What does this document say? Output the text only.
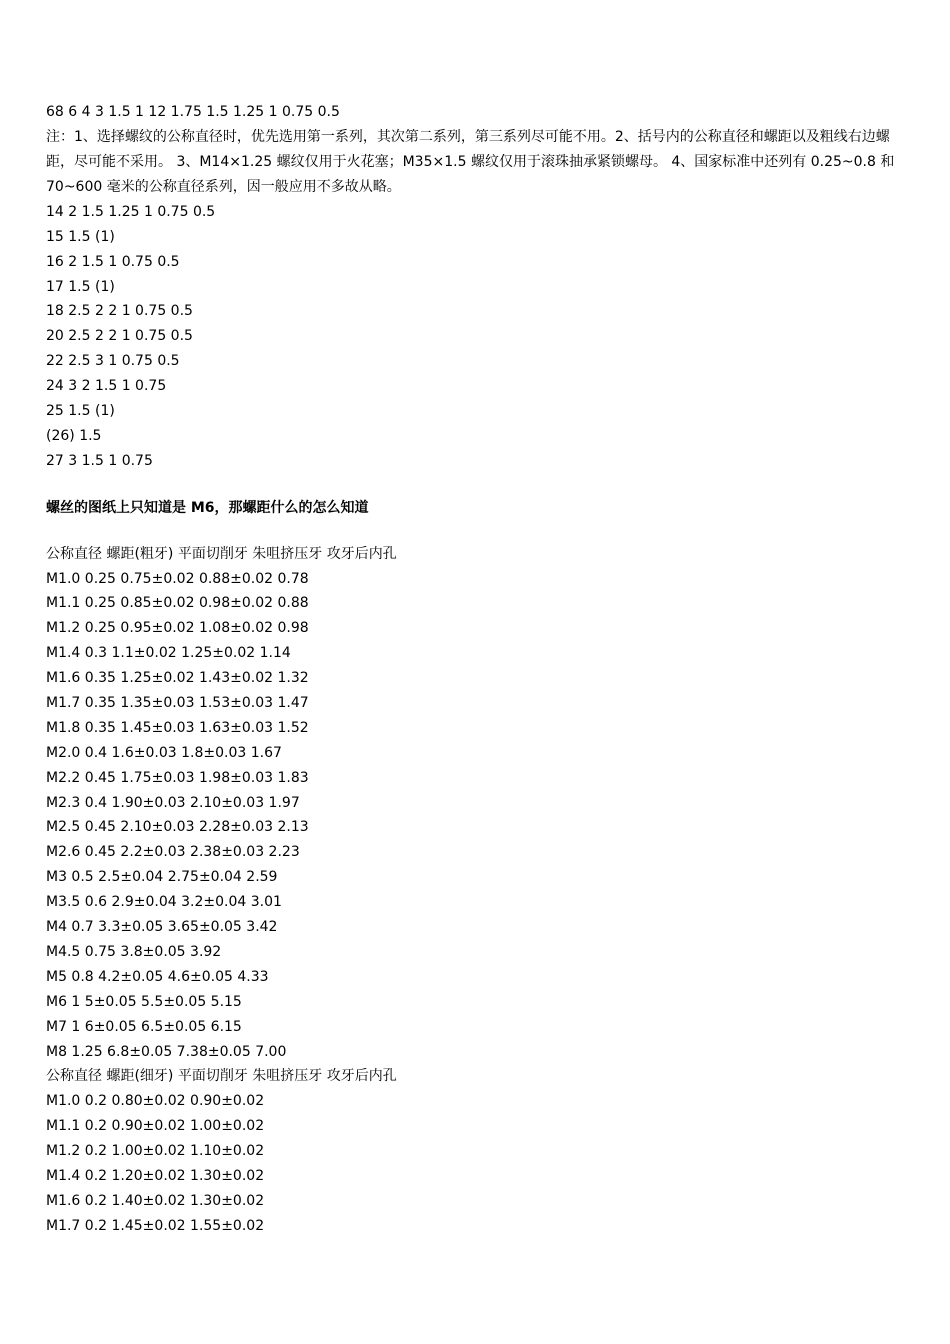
68 6 4 3 1.5 1 12 1.75 1.5 1.25 1 0.75 0.5
注：1、选择螺纹的公称直径时，优先选用第一系列，其次第二系列，第三系列尽可能不用。2、括号内的公称直径和螺距以及粗线右边螺距，尽可能不采用。 3、M14×1.25 螺纹仅用于火花塞；M35×1.5 螺纹仅用于滚珠抽承紧锁螺母。 4、国家标准中还列有 0.25~0.8 和 70~600 毫米的公称直径系列，因一般应用不多故从略。
14 2 1.5 1.25 1 0.75 0.5
15 1.5 (1)
16 2 1.5 1 0.75 0.5
17 1.5 (1)
18 2.5 2 2 1 0.75 0.5
20 2.5 2 2 1 0.75 0.5
22 2.5 3 1 0.75 0.5
24 3 2 1.5 1 0.75
25 1.5 (1)
(26) 1.5
27 3 1.5 1 0.75
螺丝的图纸上只知道是 M6，那螺距什么的怎么知道
公称直径 螺距(粗牙) 平面切削牙 朱咀挤压牙 攻牙后内孔
M1.0 0.25 0.75±0.02 0.88±0.02 0.78
M1.1 0.25 0.85±0.02 0.98±0.02 0.88
M1.2 0.25 0.95±0.02 1.08±0.02 0.98
M1.4 0.3 1.1±0.02 1.25±0.02 1.14
M1.6 0.35 1.25±0.02 1.43±0.02 1.32
M1.7 0.35 1.35±0.03 1.53±0.03 1.47
M1.8 0.35 1.45±0.03 1.63±0.03 1.52
M2.0 0.4 1.6±0.03 1.8±0.03 1.67
M2.2 0.45 1.75±0.03 1.98±0.03 1.83
M2.3 0.4 1.90±0.03 2.10±0.03 1.97
M2.5 0.45 2.10±0.03 2.28±0.03 2.13
M2.6 0.45 2.2±0.03 2.38±0.03 2.23
M3 0.5 2.5±0.04 2.75±0.04 2.59
M3.5 0.6 2.9±0.04 3.2±0.04 3.01
M4 0.7 3.3±0.05 3.65±0.05 3.42
M4.5 0.75 3.8±0.05 3.92
M5 0.8 4.2±0.05 4.6±0.05 4.33
M6 1 5±0.05 5.5±0.05 5.15
M7 1 6±0.05 6.5±0.05 6.15
M8 1.25 6.8±0.05 7.38±0.05 7.00
公称直径 螺距(细牙) 平面切削牙 朱咀挤压牙 攻牙后内孔
M1.0 0.2 0.80±0.02 0.90±0.02
M1.1 0.2 0.90±0.02 1.00±0.02
M1.2 0.2 1.00±0.02 1.10±0.02
M1.4 0.2 1.20±0.02 1.30±0.02
M1.6 0.2 1.40±0.02 1.30±0.02
M1.7 0.2 1.45±0.02 1.55±0.02
